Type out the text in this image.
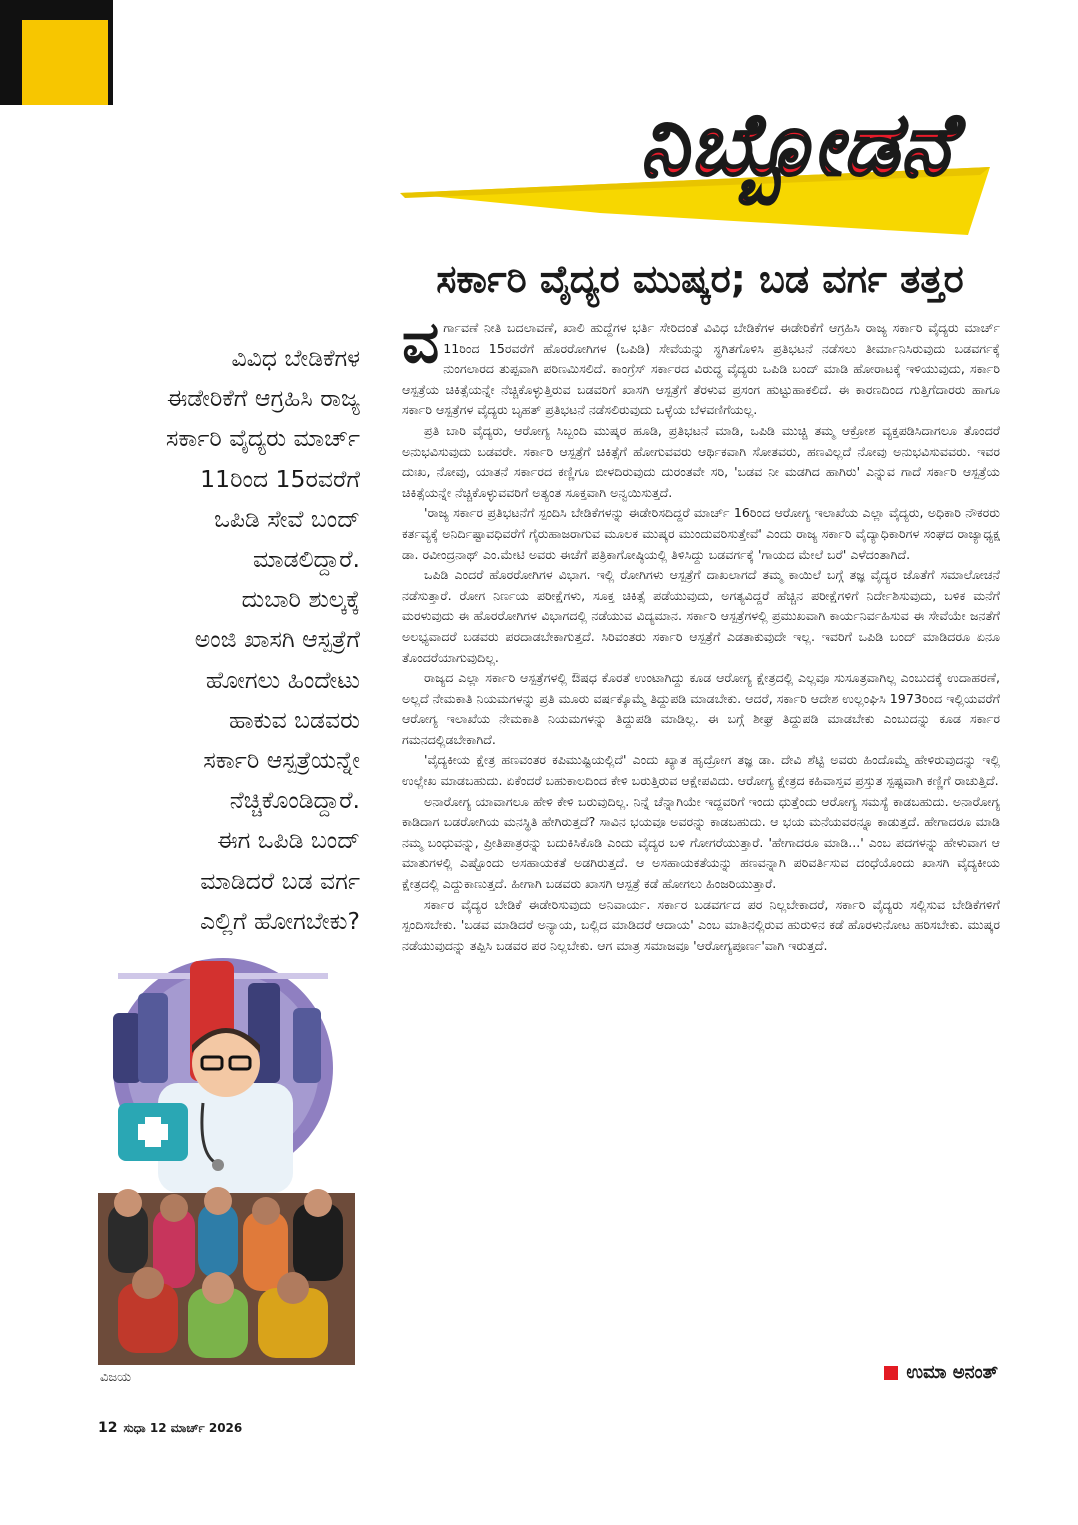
ನಿಬ್ಬೋಡನೆ
ಸರ್ಕಾರಿ ವೈದ್ಯರ ಮುಷ್ಕರ; ಬಡ ವರ್ಗ ತತ್ತರ
ವಿವಿಧ ಬೇಡಿಕೆಗಳ
ಈಡೇರಿಕೆಗೆ ಆಗ್ರಹಿಸಿ ರಾಜ್ಯ
ಸರ್ಕಾರಿ ವೈದ್ಯರು ಮಾರ್ಚ್
11ರಿಂದ 15ರವರೆಗೆ
ಒಪಿಡಿ ಸೇವೆ ಬಂದ್
ಮಾಡಲಿದ್ದಾರೆ.
ದುಬಾರಿ ಶುಲ್ಕಕ್ಕೆ
ಅಂಜಿ ಖಾಸಗಿ ಆಸ್ಪತ್ರೆಗೆ
ಹೋಗಲು ಹಿಂದೇಟು
ಹಾಕುವ ಬಡವರು
ಸರ್ಕಾರಿ ಆಸ್ಪತ್ರೆಯನ್ನೇ
ನೆಚ್ಚಿಕೊಂಡಿದ್ದಾರೆ.
ಈಗ ಒಪಿಡಿ ಬಂದ್
ಮಾಡಿದರೆ ಬಡ ವರ್ಗ
ಎಲ್ಲಿಗೆ ಹೋಗಬೇಕು?
ವಿಜಯ

ವರ್ಗಾವಣೆ ನೀತಿ ಬದಲಾವಣೆ, ಖಾಲಿ ಹುದ್ದೆಗಳ ಭರ್ತಿ ಸೇರಿದಂತೆ ವಿವಿಧ ಬೇಡಿಕೆಗಳ ಈಡೇರಿಕೆಗೆ ಆಗ್ರಹಿಸಿ ರಾಜ್ಯ ಸರ್ಕಾರಿ ವೈದ್ಯರು ಮಾರ್ಚ್ 11ರಿಂದ 15ರವರೆಗೆ ಹೊರರೋಗಿಗಳ (ಒಪಿಡಿ) ಸೇವೆಯನ್ನು ಸ್ಥಗಿತಗೊಳಿಸಿ ಪ್ರತಿಭಟನೆ ನಡೆಸಲು ತೀರ್ಮಾನಿಸಿರುವುದು ಬಡವರ್ಗಕ್ಕೆ ನುಂಗಲಾರದ ತುಪ್ಪವಾಗಿ ಪರಿಣಮಿಸಲಿದೆ. ಕಾಂಗ್ರೆಸ್ ಸರ್ಕಾರದ ವಿರುದ್ಧ ವೈದ್ಯರು ಒಪಿಡಿ ಬಂದ್ ಮಾಡಿ ಹೋರಾಟಕ್ಕೆ ಇಳಿಯುವುದು, ಸರ್ಕಾರಿ ಆಸ್ಪತ್ರೆಯ ಚಿಕಿತ್ಸೆಯನ್ನೇ ನೆಚ್ಚಿಕೊಳ್ಳುತ್ತಿರುವ ಬಡವರಿಗೆ ಖಾಸಗಿ ಆಸ್ಪತ್ರೆಗೆ ತೆರಳುವ ಪ್ರಸಂಗ ಹುಟ್ಟುಹಾಕಲಿದೆ. ಈ ಕಾರಣದಿಂದ ಗುತ್ತಿಗೆದಾರರು ಹಾಗೂ ಸರ್ಕಾರಿ ಆಸ್ಪತ್ರೆಗಳ ವೈದ್ಯರು ಬೃಹತ್ ಪ್ರತಿಭಟನೆ ನಡೆಸಲಿರುವುದು ಒಳ್ಳೆಯ ಬೆಳವಣಿಗೆಯಲ್ಲ.

ಪ್ರತಿ ಬಾರಿ ವೈದ್ಯರು, ಆರೋಗ್ಯ ಸಿಬ್ಬಂದಿ ಮುಷ್ಕರ ಹೂಡಿ, ಪ್ರತಿಭಟನೆ ಮಾಡಿ, ಒಪಿಡಿ ಮುಚ್ಚಿ ತಮ್ಮ ಆಕ್ರೋಶ ವ್ಯಕ್ತಪಡಿಸಿದಾಗಲೂ ತೊಂದರೆ ಅನುಭವಿಸುವುದು ಬಡವರೇ. ಸರ್ಕಾರಿ ಆಸ್ಪತ್ರೆಗೆ ಚಿಕಿತ್ಸೆಗೆ ಹೋಗುವವರು ಆರ್ಥಿಕವಾಗಿ ಸೋತವರು, ಹಣವಿಲ್ಲದೆ ನೋವು ಅನುಭವಿಸುವವರು. ಇವರ ದುಃಖ, ನೋವು, ಯಾತನೆ ಸರ್ಕಾರದ ಕಣ್ಣಿಗೂ ಬೀಳದಿರುವುದು ದುರಂತವೇ ಸರಿ, 'ಬಡವ ನೀ ಮಡಗಿದ ಹಾಗಿರು' ಎನ್ನುವ ಗಾದೆ ಸರ್ಕಾರಿ ಆಸ್ಪತ್ರೆಯ ಚಿಕಿತ್ಸೆಯನ್ನೇ ನೆಚ್ಚಿಕೊಳ್ಳುವವರಿಗೆ ಅತ್ಯಂತ ಸೂಕ್ತವಾಗಿ ಅನ್ವಯಿಸುತ್ತದೆ.

'ರಾಜ್ಯ ಸರ್ಕಾರ ಪ್ರತಿಭಟನೆಗೆ ಸ್ಪಂದಿಸಿ ಬೇಡಿಕೆಗಳನ್ನು ಈಡೇರಿಸದಿದ್ದರೆ ಮಾರ್ಚ್ 16ರಿಂದ ಆರೋಗ್ಯ ಇಲಾಖೆಯ ಎಲ್ಲಾ ವೈದ್ಯರು, ಅಧಿಕಾರಿ ನೌಕರರು ಕರ್ತವ್ಯಕ್ಕೆ ಅನಿರ್ದಿಷ್ಟಾವಧಿವರೆಗೆ ಗೈರುಹಾಜರಾಗುವ ಮೂಲಕ ಮುಷ್ಕರ ಮುಂದುವರಿಸುತ್ತೇವೆ' ಎಂದು ರಾಜ್ಯ ಸರ್ಕಾರಿ ವೈದ್ಯಾಧಿಕಾರಿಗಳ ಸಂಘದ ರಾಜ್ಯಾಧ್ಯಕ್ಷ ಡಾ. ರವೀಂದ್ರನಾಥ್ ಎಂ.ಮೇಟಿ ಅವರು ಈಚೆಗೆ ಪತ್ರಿಕಾಗೋಷ್ಠಿಯಲ್ಲಿ ತಿಳಿಸಿದ್ದು ಬಡವರ್ಗಕ್ಕೆ 'ಗಾಯದ ಮೇಲೆ ಬರೆ' ಎಳೆದಂತಾಗಿದೆ.

ಒಪಿಡಿ ಎಂದರೆ ಹೊರರೋಗಿಗಳ ವಿಭಾಗ. ಇಲ್ಲಿ ರೋಗಿಗಳು ಆಸ್ಪತ್ರೆಗೆ ದಾಖಲಾಗದೆ ತಮ್ಮ ಕಾಯಿಲೆ ಬಗ್ಗೆ ತಜ್ಞ ವೈದ್ಯರ ಜೊತೆಗೆ ಸಮಾಲೋಚನೆ ನಡೆಸುತ್ತಾರೆ. ರೋಗ ನಿರ್ಣಯ ಪರೀಕ್ಷೆಗಳು, ಸೂಕ್ತ ಚಿಕಿತ್ಸೆ ಪಡೆಯುವುದು, ಅಗತ್ಯವಿದ್ದರೆ ಹೆಚ್ಚಿನ ಪರೀಕ್ಷೆಗಳಿಗೆ ನಿರ್ದೇಶಿಸುವುದು, ಬಳಿಕ ಮನೆಗೆ ಮರಳುವುದು ಈ ಹೊರರೋಗಿಗಳ ವಿಭಾಗದಲ್ಲಿ ನಡೆಯುವ ವಿದ್ಯಮಾನ. ಸರ್ಕಾರಿ ಆಸ್ಪತ್ರೆಗಳಲ್ಲಿ ಪ್ರಮುಖವಾಗಿ ಕಾರ್ಯನಿರ್ವಹಿಸುವ ಈ ಸೇವೆಯೇ ಜನತೆಗೆ ಅಲಭ್ಯವಾದರೆ ಬಡವರು ಪರದಾಡಬೇಕಾಗುತ್ತದೆ. ಸಿರಿವಂತರು ಸರ್ಕಾರಿ ಆಸ್ಪತ್ರೆಗೆ ಎಡತಾಕುವುದೇ ಇಲ್ಲ. ಇವರಿಗೆ ಒಪಿಡಿ ಬಂದ್ ಮಾಡಿದರೂ ಏನೂ ತೊಂದರೆಯಾಗುವುದಿಲ್ಲ.

ರಾಜ್ಯದ ಎಲ್ಲಾ ಸರ್ಕಾರಿ ಆಸ್ಪತ್ರೆಗಳಲ್ಲಿ ಔಷಧ ಕೊರತೆ ಉಂಟಾಗಿದ್ದು ಕೂಡ ಆರೋಗ್ಯ ಕ್ಷೇತ್ರದಲ್ಲಿ ಎಲ್ಲವೂ ಸುಸೂತ್ರವಾಗಿಲ್ಲ ಎಂಬುದಕ್ಕೆ ಉದಾಹರಣೆ, ಅಲ್ಲದೆ ನೇಮಕಾತಿ ನಿಯಮಗಳನ್ನು ಪ್ರತಿ ಮೂರು ವರ್ಷಕ್ಕೊಮ್ಮೆ ತಿದ್ದುಪಡಿ ಮಾಡಬೇಕು. ಆದರೆ, ಸರ್ಕಾರಿ ಆದೇಶ ಉಲ್ಲಂಘಿಸಿ 1973ರಿಂದ ಇಲ್ಲಿಯವರೆಗೆ ಆರೋಗ್ಯ ಇಲಾಖೆಯ ನೇಮಕಾತಿ ನಿಯಮಗಳನ್ನು ತಿದ್ದುಪಡಿ ಮಾಡಿಲ್ಲ. ಈ ಬಗ್ಗೆ ಶೀಘ್ರ ತಿದ್ದುಪಡಿ ಮಾಡಬೇಕು ಎಂಬುದನ್ನು ಕೂಡ ಸರ್ಕಾರ ಗಮನದಲ್ಲಿಡಬೇಕಾಗಿದೆ.

'ವೈದ್ಯಕೀಯ ಕ್ಷೇತ್ರ ಹಣವಂತರ ಕಪಿಮುಷ್ಟಿಯಲ್ಲಿದೆ' ಎಂದು ಖ್ಯಾತ ಹೃದ್ರೋಗ ತಜ್ಞ ಡಾ. ದೇವಿ ಶೆಟ್ಟಿ ಅವರು ಹಿಂದೊಮ್ಮೆ ಹೇಳಿರುವುದನ್ನು ಇಲ್ಲಿ ಉಲ್ಲೇಖ ಮಾಡಬಹುದು. ಏಕೆಂದರೆ ಬಹುಕಾಲದಿಂದ ಕೇಳಿ ಬರುತ್ತಿರುವ ಆಕ್ಷೇಪವಿದು. ಆರೋಗ್ಯ ಕ್ಷೇತ್ರದ ಕಹಿವಾಸ್ತವ ಪ್ರಸ್ತುತ ಸ್ಪಷ್ಟವಾಗಿ ಕಣ್ಣಿಗೆ ರಾಚುತ್ತಿದೆ.

ಅನಾರೋಗ್ಯ ಯಾವಾಗಲೂ ಹೇಳಿ ಕೇಳಿ ಬರುವುದಿಲ್ಲ. ನಿನ್ನೆ ಚೆನ್ನಾಗಿಯೇ ಇದ್ದವರಿಗೆ ಇಂದು ಧುತ್ತೆಂದು ಆರೋಗ್ಯ ಸಮಸ್ಯೆ ಕಾಡಬಹುದು. ಅನಾರೋಗ್ಯ ಕಾಡಿದಾಗ ಬಡರೋಗಿಯ ಮನಸ್ಥಿತಿ ಹೇಗಿರುತ್ತದೆ? ಸಾವಿನ ಭಯವೂ ಅವರನ್ನು ಕಾಡಬಹುದು. ಆ ಭಯ ಮನೆಯವರನ್ನೂ ಕಾಡುತ್ತದೆ. ಹೇಗಾದರೂ ಮಾಡಿ ನಮ್ಮ ಬಂಧುವನ್ನು, ಪ್ರೀತಿಪಾತ್ರರನ್ನು ಬದುಕಿಸಿಕೊಡಿ ಎಂದು ವೈದ್ಯರ ಬಳಿ ಗೋಗರೆಯುತ್ತಾರೆ. 'ಹೇಗಾದರೂ ಮಾಡಿ...' ಎಂಬ ಪದಗಳನ್ನು ಹೇಳುವಾಗ ಆ ಮಾತುಗಳಲ್ಲಿ ಎಷ್ಟೊಂದು ಅಸಹಾಯಕತೆ ಅಡಗಿರುತ್ತದೆ. ಆ ಅಸಹಾಯಕತೆಯನ್ನು ಹಣವನ್ನಾಗಿ ಪರಿವರ್ತಿಸುವ ದಂಧೆಯೊಂದು ಖಾಸಗಿ ವೈದ್ಯಕೀಯ ಕ್ಷೇತ್ರದಲ್ಲಿ ಎದ್ದುಕಾಣುತ್ತದೆ. ಹೀಗಾಗಿ ಬಡವರು ಖಾಸಗಿ ಆಸ್ಪತ್ರೆ ಕಡೆ ಹೋಗಲು ಹಿಂಜರಿಯುತ್ತಾರೆ.

ಸರ್ಕಾರ ವೈದ್ಯರ ಬೇಡಿಕೆ ಈಡೇರಿಸುವುದು ಅನಿವಾರ್ಯ. ಸರ್ಕಾರ ಬಡವರ್ಗದ ಪರ ನಿಲ್ಲಬೇಕಾದರೆ, ಸರ್ಕಾರಿ ವೈದ್ಯರು ಸಲ್ಲಿಸುವ ಬೇಡಿಕೆಗಳಿಗೆ ಸ್ಪಂದಿಸಬೇಕು. 'ಬಡವ ಮಾಡಿದರೆ ಅನ್ಯಾಯ, ಬಲ್ಲಿದ ಮಾಡಿದರೆ ಆದಾಯ' ಎಂಬ ಮಾತಿನಲ್ಲಿರುವ ಹುರುಳಿನ ಕಡೆ ಹೊರಳುನೋಟ ಹರಿಸಬೇಕು. ಮುಷ್ಕರ ನಡೆಯುವುದನ್ನು ತಪ್ಪಿಸಿ ಬಡವರ ಪರ ನಿಲ್ಲಬೇಕು. ಆಗ ಮಾತ್ರ ಸಮಾಜವೂ 'ಆರೋಗ್ಯಪೂರ್ಣ'ವಾಗಿ ಇರುತ್ತದೆ.

ಉಮಾ ಅನಂತ್
12 ಸುಧಾ 12 ಮಾರ್ಚ್ 2026
